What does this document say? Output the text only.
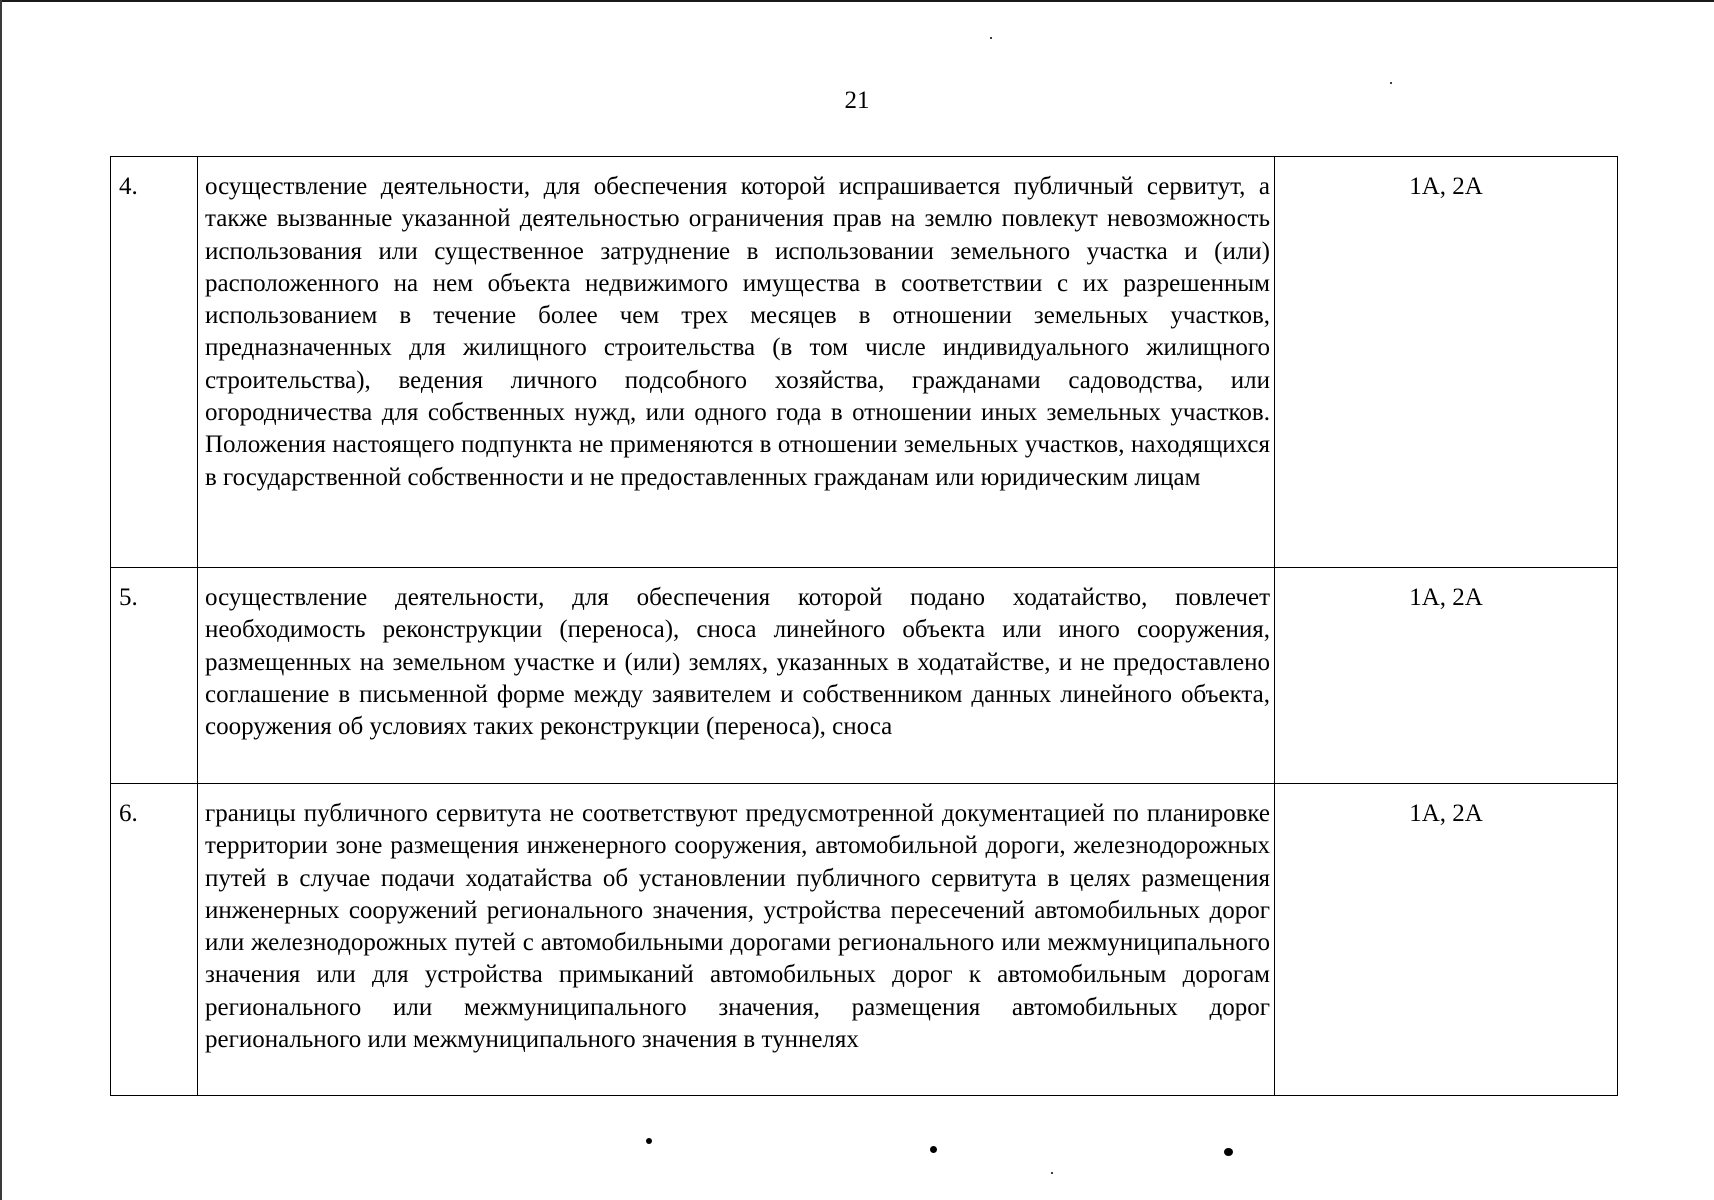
21
4.	осуществление деятельности, для обеспечения которой испрашивается публичный сервитут, а также вызванные указанной деятельностью ограничения прав на землю повлекут невозможность использования или существенное затруднение в использовании земельного участка и (или) расположенного на нем объекта недвижимого имущества в соответствии с их разрешенным использованием в течение более чем трех месяцев в отношении земельных участков, предназначенных для жилищного строительства (в том числе индивидуального жилищного строительства), ведения личного подсобного хозяйства, гражданами садоводства, или огородничества для собственных нужд, или одного года в отношении иных земельных участков. Положения настоящего подпункта не применяются в отношении земельных участков, находящихся в государственной собственности и не предоставленных гражданам или юридическим лицам	1А, 2А
5.	осуществление деятельности, для обеспечения которой подано ходатайство, повлечет необходимость реконструкции (переноса), сноса линейного объекта или иного сооружения, размещенных на земельном участке и (или) землях, указанных в ходатайстве, и не предоставлено соглашение в письменной форме между заявителем и собственником данных линейного объекта, сооружения об условиях таких реконструкции (переноса), сноса	1А, 2А
6.	границы публичного сервитута не соответствуют предусмотренной документацией по планировке территории зоне размещения инженерного сооружения, автомобильной дороги, железнодорожных путей в случае подачи ходатайства об установлении публичного сервитута в целях размещения инженерных сооружений регионального значения, устройства пересечений автомобильных дорог или железнодорожных путей с автомобильными дорогами регионального или межмуниципального значения или для устройства примыканий автомобильных дорог к автомобильным дорогам регионального или межмуниципального значения, размещения автомобильных дорог регионального или межмуниципального значения в туннелях	1А, 2А
